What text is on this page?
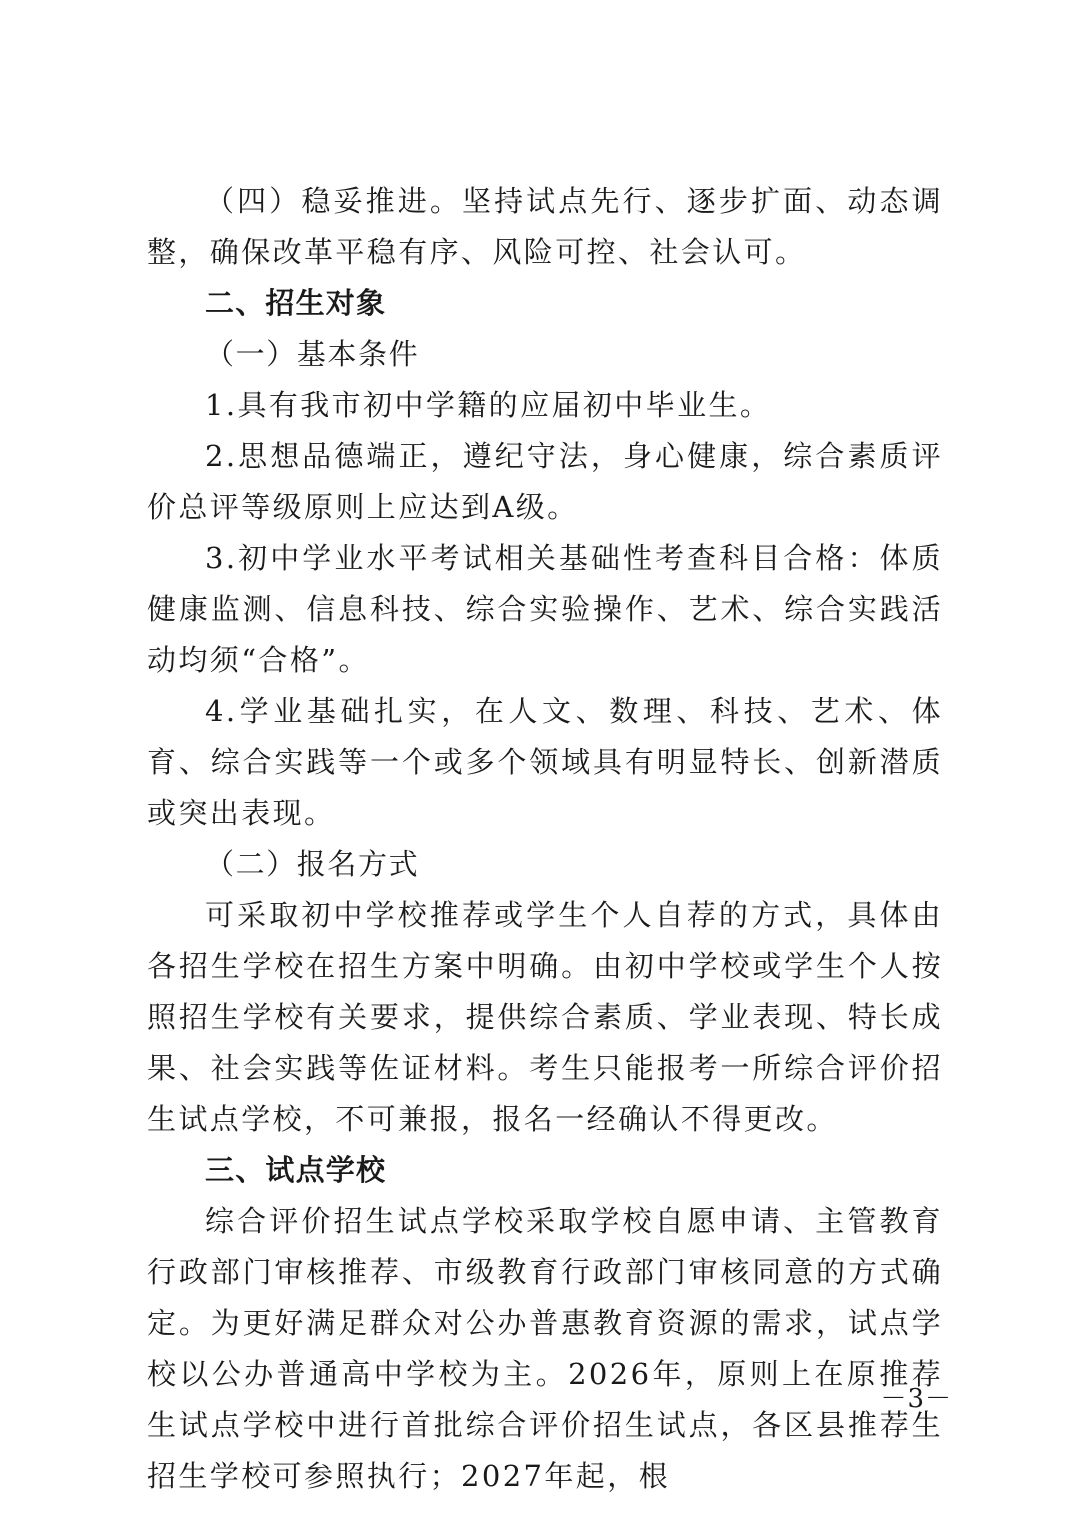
（四）稳妥推进。坚持试点先行、逐步扩面、动态调整，确保改革平稳有序、风险可控、社会认可。

二、招生对象

（一）基本条件

1.具有我市初中学籍的应届初中毕业生。

2.思想品德端正，遵纪守法，身心健康，综合素质评价总评等级原则上应达到A级。

3.初中学业水平考试相关基础性考查科目合格：体质健康监测、信息科技、综合实验操作、艺术、综合实践活动均须“合格”。

4.学业基础扎实，在人文、数理、科技、艺术、体育、综合实践等一个或多个领域具有明显特长、创新潜质或突出表现。

（二）报名方式

可采取初中学校推荐或学生个人自荐的方式，具体由各招生学校在招生方案中明确。由初中学校或学生个人按照招生学校有关要求，提供综合素质、学业表现、特长成果、社会实践等佐证材料。考生只能报考一所综合评价招生试点学校，不可兼报，报名一经确认不得更改。

三、试点学校

综合评价招生试点学校采取学校自愿申请、主管教育行政部门审核推荐、市级教育行政部门审核同意的方式确定。为更好满足群众对公办普惠教育资源的需求，试点学校以公办普通高中学校为主。2026年，原则上在原推荐生试点学校中进行首批综合评价招生试点，各区县推荐生招生学校可参照执行；2027年起，根

－3－
